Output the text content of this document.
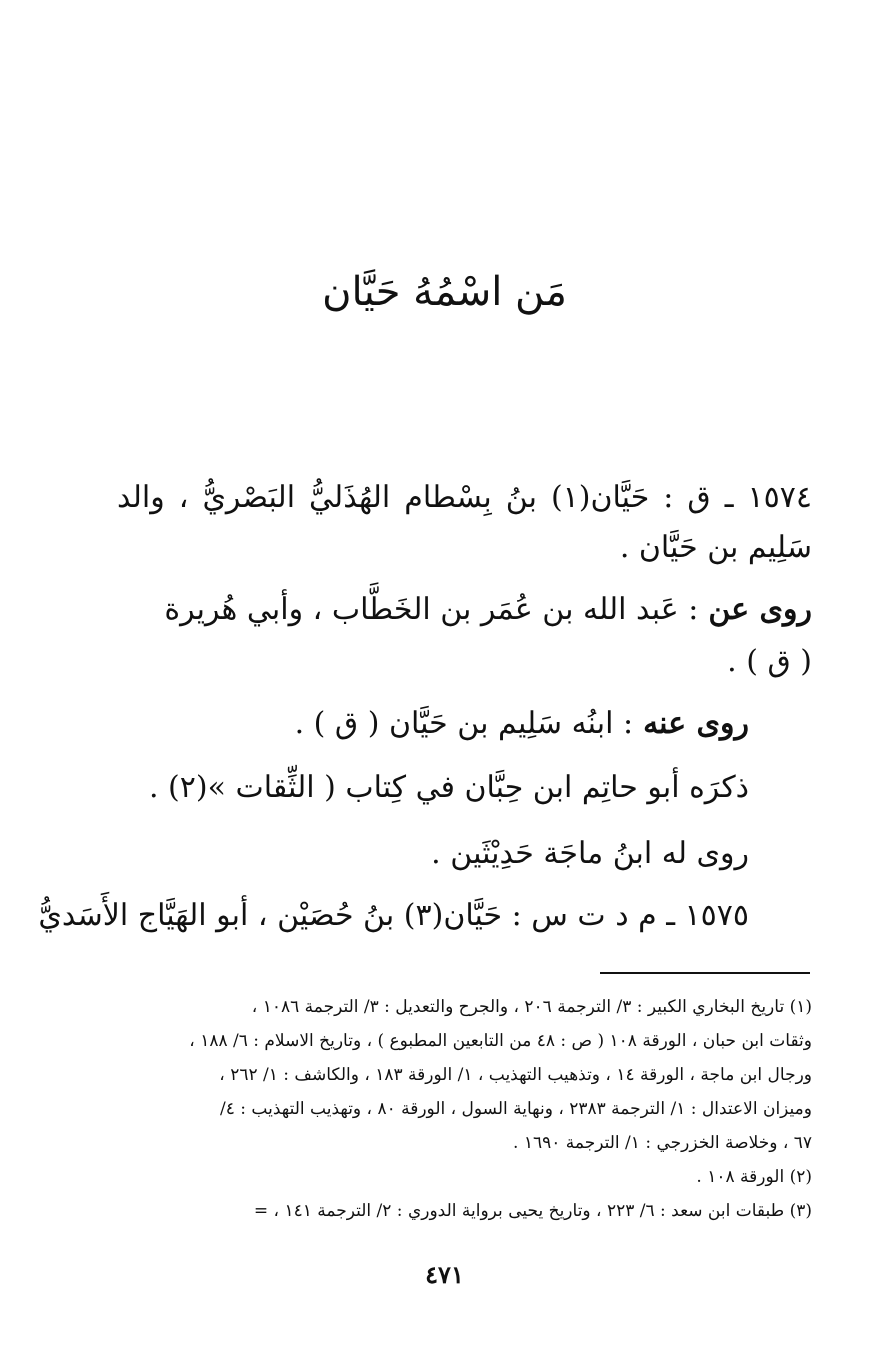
مَن اسْمُهُ حَيَّان
١٥٧٤ ـ ق : حَيَّان(١) بنُ بِسْطام الهُذَليُّ البَصْريُّ ، والد
سَلِيم بن حَيَّان .
روى عن
: عَبد الله بن عُمَر بن الخَطَّاب ، وأبي هُريرة
( ق ) .
روى عنه
: ابنُه سَلِيم بن حَيَّان ( ق ) .
ذكرَه أبو حاتِم ابن حِبَّان في كِتاب ( الثِّقات »(٢) .
روى له ابنُ ماجَة حَدِيْثَين .
١٥٧٥ ـ م د ت س : حَيَّان(٣) بنُ حُصَيْن ، أبو الهَيَّاج الأَسَديُّ
(١) تاريخ البخاري الكبير : ٣/ الترجمة ٢٠٦ ، والجرح والتعديل : ٣/ الترجمة ١٠٨٦ ،
وثقات ابن حبان ، الورقة ١٠٨ ( ص : ٤٨ من التابعين المطبوع ) ، وتاريخ الاسلام : ٦/ ١٨٨ ،
ورجال ابن ماجة ، الورقة ١٤ ، وتذهيب التهذيب ، ١/ الورقة ١٨٣ ، والكاشف : ١/ ٢٦٢ ،
وميزان الاعتدال : ١/ الترجمة ٢٣٨٣ ، ونهاية السول ، الورقة ٨٠ ، وتهذيب التهذيب : ٤/
٦٧ ، وخلاصة الخزرجي : ١/ الترجمة ١٦٩٠ .
(٢) الورقة ١٠٨ .
(٣) طبقات ابن سعد : ٦/ ٢٢٣ ، وتاريخ يحيى برواية الدوري : ٢/ الترجمة ١٤١ ، =
٤٧١
